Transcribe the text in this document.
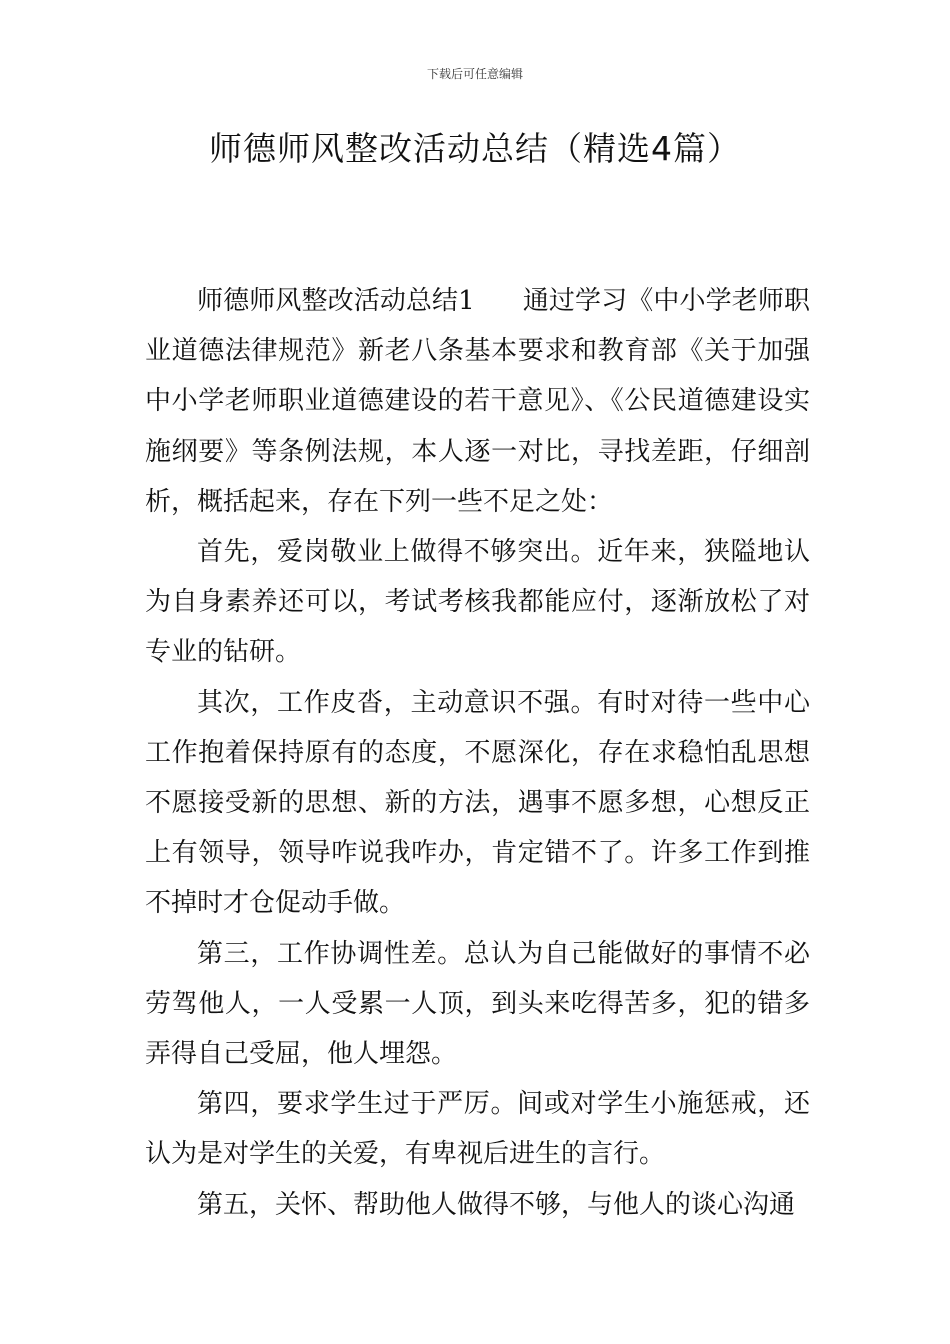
下载后可任意编辑
师德师风整改活动总结（精选4篇）

师德师风整改活动总结1 通过学习《中小学老师职业道德法律规范》新老八条基本要求和教育部《关于加强中小学老师职业道德建设的若干意见》、《公民道德建设实施纲要》等条例法规，本人逐一对比，寻找差距，仔细剖析，概括起来，存在下列一些不足之处：

首先，爱岗敬业上做得不够突出。近年来，狭隘地认为自身素养还可以，考试考核我都能应付，逐渐放松了对专业的钻研。

其次，工作皮沓，主动意识不强。有时对待一些中心工作抱着保持原有的态度，不愿深化，存在求稳怕乱思想不愿接受新的思想、新的方法，遇事不愿多想，心想反正上有领导，领导咋说我咋办，肯定错不了。许多工作到推不掉时才仓促动手做。

第三，工作协调性差。总认为自己能做好的事情不必劳驾他人，一人受累一人顶，到头来吃得苦多，犯的错多弄得自己受屈，他人埋怨。

第四，要求学生过于严厉。间或对学生小施惩戒，还认为是对学生的关爱，有卑视后进生的言行。

第五，关怀、帮助他人做得不够，与他人的谈心沟通
